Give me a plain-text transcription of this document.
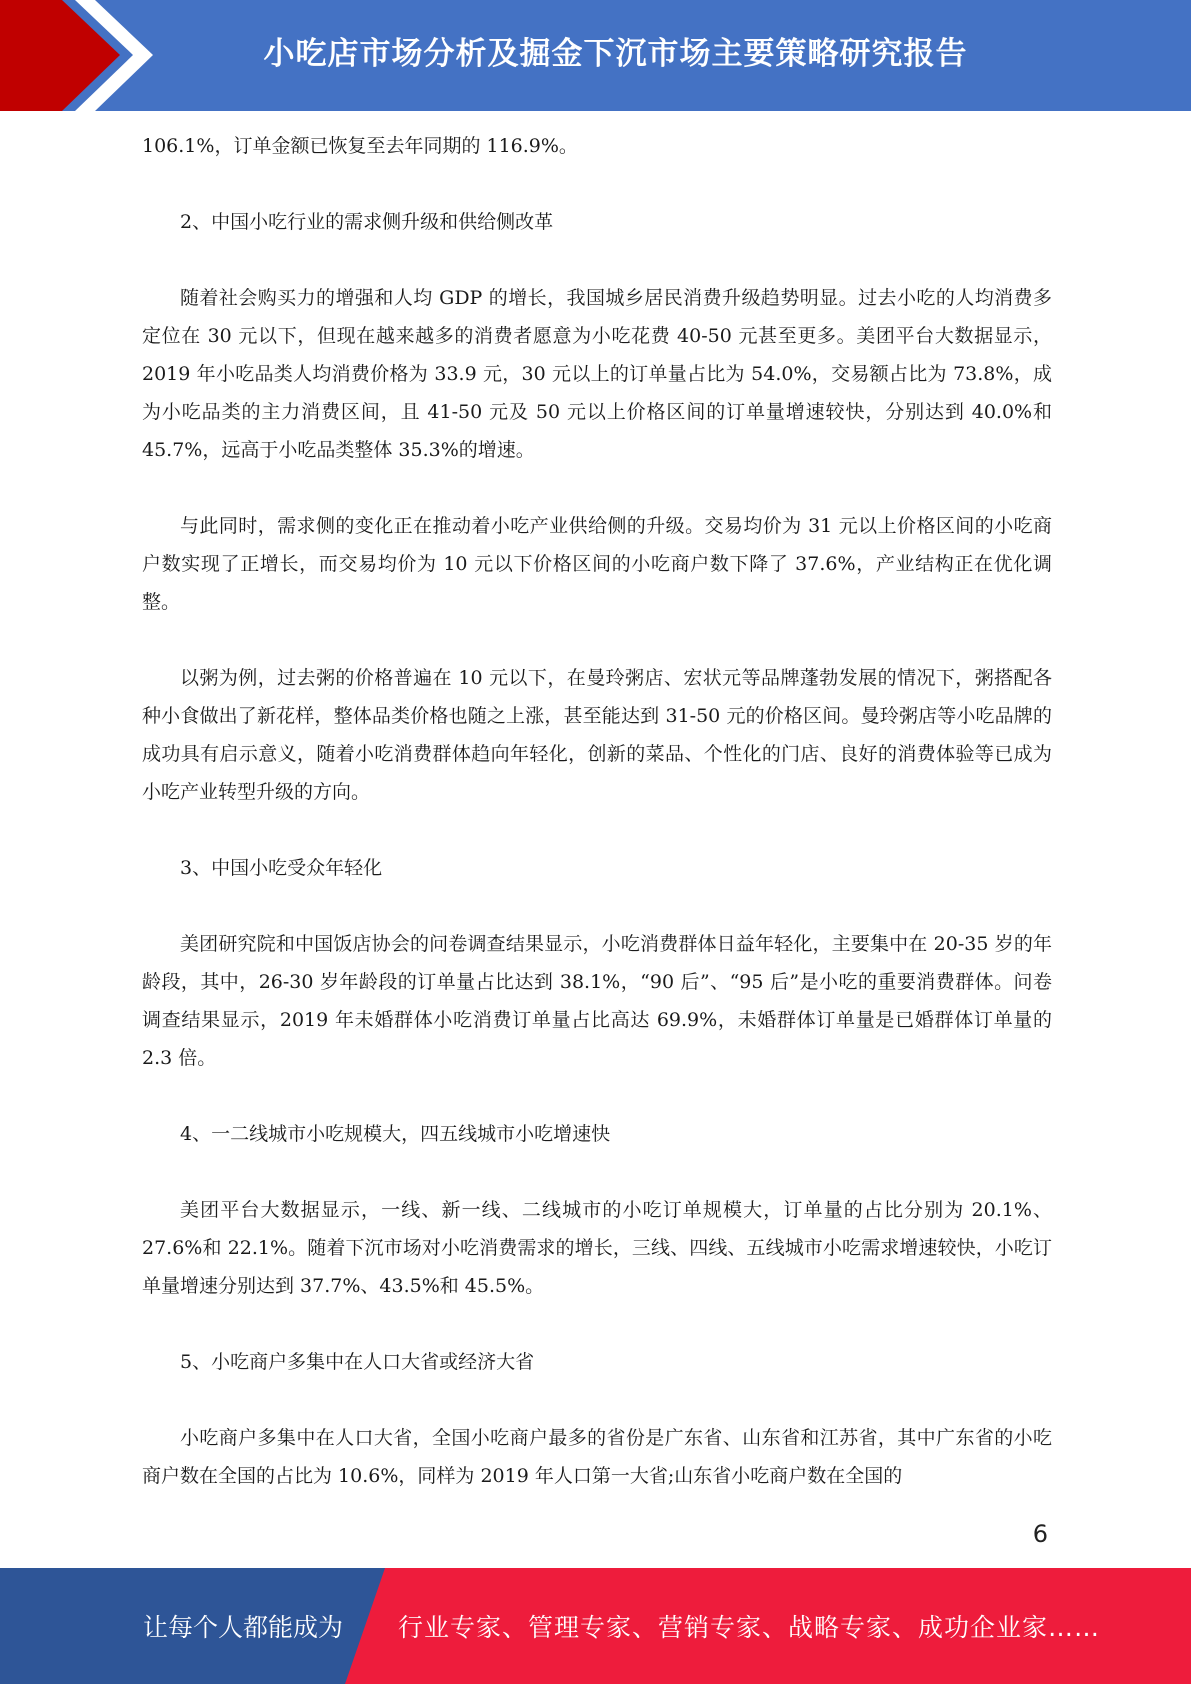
小吃店市场分析及掘金下沉市场主要策略研究报告

106.1%，订单金额已恢复至去年同期的 116.9%。

2、中国小吃行业的需求侧升级和供给侧改革

随着社会购买力的增强和人均 GDP 的增长，我国城乡居民消费升级趋势明显。过去小吃的人均消费多定位在 30 元以下，但现在越来越多的消费者愿意为小吃花费 40-50 元甚至更多。美团平台大数据显示，2019 年小吃品类人均消费价格为 33.9 元，30 元以上的订单量占比为 54.0%，交易额占比为 73.8%，成为小吃品类的主力消费区间，且 41-50 元及 50 元以上价格区间的订单量增速较快，分别达到 40.0%和 45.7%，远高于小吃品类整体 35.3%的增速。

与此同时，需求侧的变化正在推动着小吃产业供给侧的升级。交易均价为 31 元以上价格区间的小吃商户数实现了正增长，而交易均价为 10 元以下价格区间的小吃商户数下降了 37.6%，产业结构正在优化调整。

以粥为例，过去粥的价格普遍在 10 元以下，在曼玲粥店、宏状元等品牌蓬勃发展的情况下，粥搭配各种小食做出了新花样，整体品类价格也随之上涨，甚至能达到 31-50 元的价格区间。曼玲粥店等小吃品牌的成功具有启示意义，随着小吃消费群体趋向年轻化，创新的菜品、个性化的门店、良好的消费体验等已成为小吃产业转型升级的方向。

3、中国小吃受众年轻化

美团研究院和中国饭店协会的问卷调查结果显示，小吃消费群体日益年轻化，主要集中在 20-35 岁的年龄段，其中，26-30 岁年龄段的订单量占比达到 38.1%，“90 后”、“95 后”是小吃的重要消费群体。问卷调查结果显示，2019 年未婚群体小吃消费订单量占比高达 69.9%，未婚群体订单量是已婚群体订单量的 2.3 倍。

4、一二线城市小吃规模大，四五线城市小吃增速快

美团平台大数据显示，一线、新一线、二线城市的小吃订单规模大，订单量的占比分别为 20.1%、27.6%和 22.1%。随着下沉市场对小吃消费需求的增长，三线、四线、五线城市小吃需求增速较快，小吃订单量增速分别达到 37.7%、43.5%和 45.5%。

5、小吃商户多集中在人口大省或经济大省

小吃商户多集中在人口大省，全国小吃商户最多的省份是广东省、山东省和江苏省，其中广东省的小吃商户数在全国的占比为 10.6%，同样为 2019 年人口第一大省;山东省小吃商户数在全国的

6
让每个人都能成为 行业专家、管理专家、营销专家、战略专家、成功企业家……
